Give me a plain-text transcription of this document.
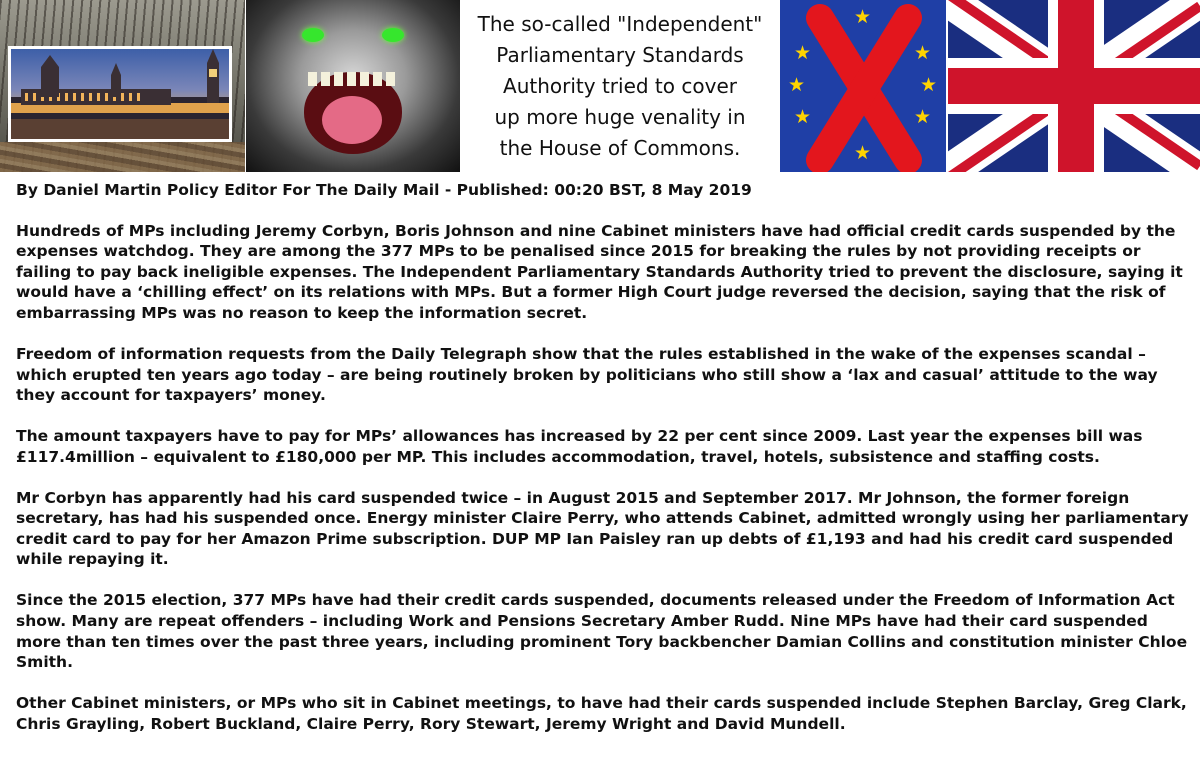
The so-called "Independent"
Parliamentary Standards
Authority tried to cover
up more huge venality in
the House of Commons.
★
★
★
★
★
★
★
★

By Daniel Martin Policy Editor For The Daily Mail - Published: 00:20 BST, 8 May 2019

Hundreds of MPs including Jeremy Corbyn, Boris Johnson and nine Cabinet ministers have had official credit cards suspended by the expenses watchdog. They are among the 377 MPs to be penalised since 2015 for breaking the rules by not providing receipts or failing to pay back ineligible expenses. The Independent Parliamentary Standards Authority tried to prevent the disclosure, saying it would have a ‘chilling effect’ on its relations with MPs. But a former High Court judge reversed the decision, saying that the risk of embarrassing MPs was no reason to keep the information secret.

Freedom of information requests from the Daily Telegraph show that the rules established in the wake of the expenses scandal – which erupted ten years ago today – are being routinely broken by politicians who still show a ‘lax and casual’ attitude to the way they account for taxpayers’ money.

The amount taxpayers have to pay for MPs’ allowances has increased by 22 per cent since 2009. Last year the expenses bill was £117.4million – equivalent to £180,000 per MP. This includes accommodation, travel, hotels, subsistence and staffing costs.

Mr Corbyn has apparently had his card suspended twice – in August 2015 and September 2017. Mr Johnson, the former foreign secretary, has had his suspended once. Energy minister Claire Perry, who attends Cabinet, admitted wrongly using her parliamentary credit card to pay for her Amazon Prime subscription. DUP MP Ian Paisley ran up debts of £1,193 and had his credit card suspended while repaying it.

Since the 2015 election, 377 MPs have had their credit cards suspended, documents released under the Freedom of Information Act show. Many are repeat offenders – including Work and Pensions Secretary Amber Rudd. Nine MPs have had their card suspended more than ten times over the past three years, including prominent Tory backbencher Damian Collins and constitution minister Chloe Smith.

Other Cabinet ministers, or MPs who sit in Cabinet meetings, to have had their cards suspended include Stephen Barclay, Greg Clark, Chris Grayling, Robert Buckland, Claire Perry, Rory Stewart, Jeremy Wright and David Mundell.
